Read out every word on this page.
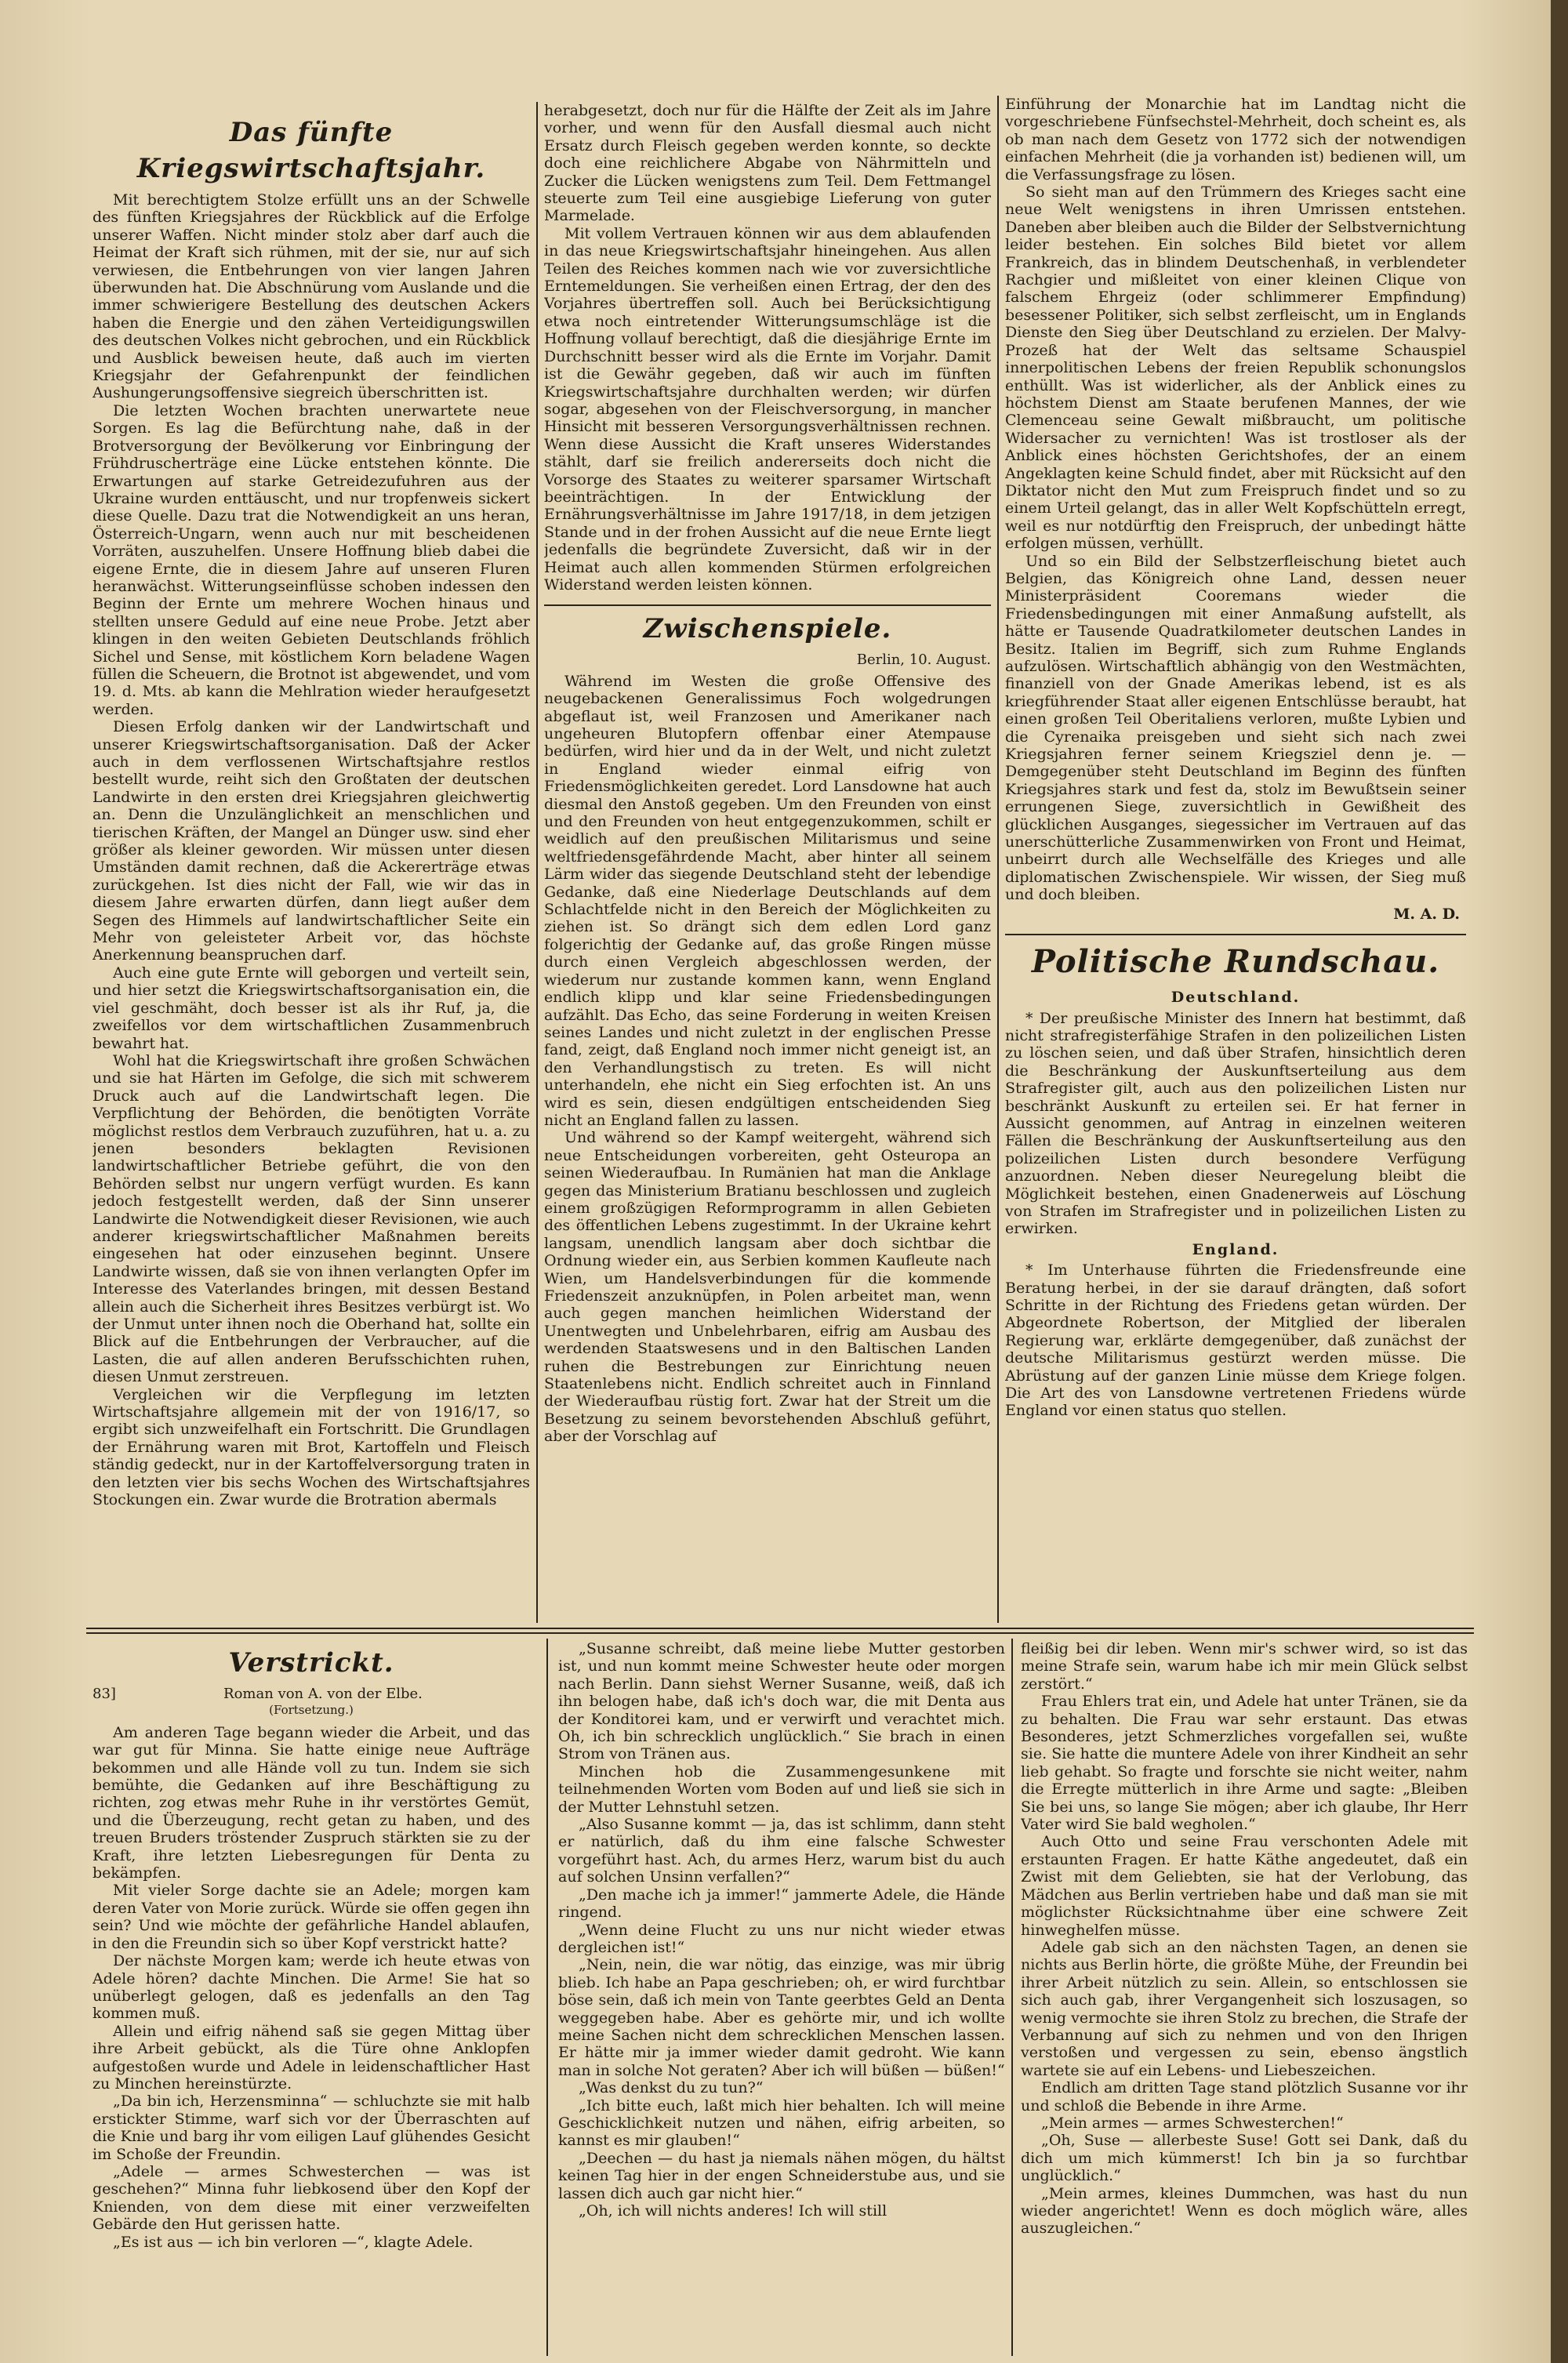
Das fünfte Kriegswirtschaftsjahr.

Mit berechtigtem Stolze erfüllt uns an der Schwelle des fünften Kriegsjahres der Rückblick auf die Erfolge unserer Waffen. Nicht minder stolz aber darf auch die Heimat der Kraft sich rühmen, mit der sie, nur auf sich verwiesen, die Entbehrungen von vier langen Jahren überwunden hat. Die Abschnürung vom Auslande und die immer schwierigere Bestellung des deutschen Ackers haben die Energie und den zähen Verteidigungswillen des deutschen Volkes nicht gebrochen, und ein Rückblick und Ausblick beweisen heute, daß auch im vierten Kriegsjahr der Gefahrenpunkt der feindlichen Aushungerungsoffensive siegreich überschritten ist.

Die letzten Wochen brachten unerwartete neue Sorgen. Es lag die Befürchtung nahe, daß in der Brotversorgung der Bevölkerung vor Einbringung der Frühdruscherträge eine Lücke entstehen könnte. Die Erwartungen auf starke Getreidezufuhren aus der Ukraine wurden enttäuscht, und nur tropfenweis sickert diese Quelle. Dazu trat die Notwendigkeit an uns heran, Österreich-Ungarn, wenn auch nur mit bescheidenen Vorräten, auszuhelfen. Unsere Hoffnung blieb dabei die eigene Ernte, die in diesem Jahre auf unseren Fluren heranwächst. Witterungseinflüsse schoben indessen den Beginn der Ernte um mehrere Wochen hinaus und stellten unsere Geduld auf eine neue Probe. Jetzt aber klingen in den weiten Gebieten Deutschlands fröhlich Sichel und Sense, mit köstlichem Korn beladene Wagen füllen die Scheuern, die Brotnot ist abgewendet, und vom 19. d. Mts. ab kann die Mehlration wieder heraufgesetzt werden.

Diesen Erfolg danken wir der Landwirtschaft und unserer Kriegswirtschaftsorganisation. Daß der Acker auch in dem verflossenen Wirtschaftsjahre restlos bestellt wurde, reiht sich den Großtaten der deutschen Landwirte in den ersten drei Kriegsjahren gleichwertig an. Denn die Unzulänglichkeit an menschlichen und tierischen Kräften, der Mangel an Dünger usw. sind eher größer als kleiner geworden. Wir müssen unter diesen Umständen damit rechnen, daß die Ackererträge etwas zurückgehen. Ist dies nicht der Fall, wie wir das in diesem Jahre erwarten dürfen, dann liegt außer dem Segen des Himmels auf landwirtschaftlicher Seite ein Mehr von geleisteter Arbeit vor, das höchste Anerkennung beanspruchen darf.

Auch eine gute Ernte will geborgen und verteilt sein, und hier setzt die Kriegswirtschaftsorganisation ein, die viel geschmäht, doch besser ist als ihr Ruf, ja, die zweifellos vor dem wirtschaftlichen Zusammenbruch bewahrt hat.

Wohl hat die Kriegswirtschaft ihre großen Schwächen und sie hat Härten im Gefolge, die sich mit schwerem Druck auch auf die Landwirtschaft legen. Die Verpflichtung der Behörden, die benötigten Vorräte möglichst restlos dem Verbrauch zuzuführen, hat u. a. zu jenen besonders beklagten Revisionen landwirtschaftlicher Betriebe geführt, die von den Behörden selbst nur ungern verfügt wurden. Es kann jedoch festgestellt werden, daß der Sinn unserer Landwirte die Notwendigkeit dieser Revisionen, wie auch anderer kriegswirtschaftlicher Maßnahmen bereits eingesehen hat oder einzusehen beginnt. Unsere Landwirte wissen, daß sie von ihnen verlangten Opfer im Interesse des Vaterlandes bringen, mit dessen Bestand allein auch die Sicherheit ihres Besitzes verbürgt ist. Wo der Unmut unter ihnen noch die Oberhand hat, sollte ein Blick auf die Entbehrungen der Verbraucher, auf die Lasten, die auf allen anderen Berufsschichten ruhen, diesen Unmut zerstreuen.

Vergleichen wir die Verpflegung im letzten Wirtschaftsjahre allgemein mit der von 1916/17, so ergibt sich unzweifelhaft ein Fortschritt. Die Grundlagen der Ernährung waren mit Brot, Kartoffeln und Fleisch ständig gedeckt, nur in der Kartoffelversorgung traten in den letzten vier bis sechs Wochen des Wirtschaftsjahres Stockungen ein. Zwar wurde die Brotration abermals

herabgesetzt, doch nur für die Hälfte der Zeit als im Jahre vorher, und wenn für den Ausfall diesmal auch nicht Ersatz durch Fleisch gegeben werden konnte, so deckte doch eine reichlichere Abgabe von Nährmitteln und Zucker die Lücken wenigstens zum Teil. Dem Fettmangel steuerte zum Teil eine ausgiebige Lieferung von guter Marmelade.

Mit vollem Vertrauen können wir aus dem ablaufenden in das neue Kriegswirtschaftsjahr hineingehen. Aus allen Teilen des Reiches kommen nach wie vor zuversichtliche Erntemeldungen. Sie verheißen einen Ertrag, der den des Vorjahres übertreffen soll. Auch bei Berücksichtigung etwa noch eintretender Witterungsumschläge ist die Hoffnung vollauf berechtigt, daß die diesjährige Ernte im Durchschnitt besser wird als die Ernte im Vorjahr. Damit ist die Gewähr gegeben, daß wir auch im fünften Kriegswirtschaftsjahre durchhalten werden; wir dürfen sogar, abgesehen von der Fleischversorgung, in mancher Hinsicht mit besseren Versorgungsverhältnissen rechnen. Wenn diese Aussicht die Kraft unseres Widerstandes stählt, darf sie freilich andererseits doch nicht die Vorsorge des Staates zu weiterer sparsamer Wirtschaft beeinträchtigen. In der Entwicklung der Ernährungsverhältnisse im Jahre 1917/18, in dem jetzigen Stande und in der frohen Aussicht auf die neue Ernte liegt jedenfalls die begründete Zuversicht, daß wir in der Heimat auch allen kommenden Stürmen erfolgreichen Widerstand werden leisten können.

Zwischenspiele.
Berlin, 10. August.

Während im Westen die große Offensive des neugebackenen Generalissimus Foch wolgedrungen abgeflaut ist, weil Franzosen und Amerikaner nach ungeheuren Blutopfern offenbar einer Atempause bedürfen, wird hier und da in der Welt, und nicht zuletzt in England wieder einmal eifrig von Friedensmöglichkeiten geredet. Lord Lansdowne hat auch diesmal den Anstoß gegeben. Um den Freunden von einst und den Freunden von heut entgegenzukommen, schilt er weidlich auf den preußischen Militarismus und seine weltfriedensgefährdende Macht, aber hinter all seinem Lärm wider das siegende Deutschland steht der lebendige Gedanke, daß eine Niederlage Deutschlands auf dem Schlachtfelde nicht in den Bereich der Möglichkeiten zu ziehen ist. So drängt sich dem edlen Lord ganz folgerichtig der Gedanke auf, das große Ringen müsse durch einen Vergleich abgeschlossen werden, der wiederum nur zustande kommen kann, wenn England endlich klipp und klar seine Friedensbedingungen aufzählt. Das Echo, das seine Forderung in weiten Kreisen seines Landes und nicht zuletzt in der englischen Presse fand, zeigt, daß England noch immer nicht geneigt ist, an den Verhandlungstisch zu treten. Es will nicht unterhandeln, ehe nicht ein Sieg erfochten ist. An uns wird es sein, diesen endgültigen entscheidenden Sieg nicht an England fallen zu lassen.

Und während so der Kampf weitergeht, während sich neue Entscheidungen vorbereiten, geht Osteuropa an seinen Wiederaufbau. In Rumänien hat man die Anklage gegen das Ministerium Bratianu beschlossen und zugleich einem großzügigen Reformprogramm in allen Gebieten des öffentlichen Lebens zugestimmt. In der Ukraine kehrt langsam, unendlich langsam aber doch sichtbar die Ordnung wieder ein, aus Serbien kommen Kaufleute nach Wien, um Handelsverbindungen für die kommende Friedenszeit anzuknüpfen, in Polen arbeitet man, wenn auch gegen manchen heimlichen Widerstand der Unentwegten und Unbelehrbaren, eifrig am Ausbau des werdenden Staatswesens und in den Baltischen Landen ruhen die Bestrebungen zur Einrichtung neuen Staatenlebens nicht. Endlich schreitet auch in Finnland der Wiederaufbau rüstig fort. Zwar hat der Streit um die Besetzung zu seinem bevorstehenden Abschluß geführt, aber der Vorschlag auf

Einführung der Monarchie hat im Landtag nicht die vorgeschriebene Fünfsechstel-Mehrheit, doch scheint es, als ob man nach dem Gesetz von 1772 sich der notwendigen einfachen Mehrheit (die ja vorhanden ist) bedienen will, um die Verfassungsfrage zu lösen.

So sieht man auf den Trümmern des Krieges sacht eine neue Welt wenigstens in ihren Umrissen entstehen. Daneben aber bleiben auch die Bilder der Selbstvernichtung leider bestehen. Ein solches Bild bietet vor allem Frankreich, das in blindem Deutschenhaß, in verblendeter Rachgier und mißleitet von einer kleinen Clique von falschem Ehrgeiz (oder schlimmerer Empfindung) besessener Politiker, sich selbst zerfleischt, um in Englands Dienste den Sieg über Deutschland zu erzielen. Der Malvy-Prozeß hat der Welt das seltsame Schauspiel innerpolitischen Lebens der freien Republik schonungslos enthüllt. Was ist widerlicher, als der Anblick eines zu höchstem Dienst am Staate berufenen Mannes, der wie Clemenceau seine Gewalt mißbraucht, um politische Widersacher zu vernichten! Was ist trostloser als der Anblick eines höchsten Gerichtshofes, der an einem Angeklagten keine Schuld findet, aber mit Rücksicht auf den Diktator nicht den Mut zum Freispruch findet und so zu einem Urteil gelangt, das in aller Welt Kopfschütteln erregt, weil es nur notdürftig den Freispruch, der unbedingt hätte erfolgen müssen, verhüllt.

Und so ein Bild der Selbstzerfleischung bietet auch Belgien, das Königreich ohne Land, dessen neuer Ministerpräsident Cooremans wieder die Friedensbedingungen mit einer Anmaßung aufstellt, als hätte er Tausende Quadratkilometer deutschen Landes in Besitz. Italien im Begriff, sich zum Ruhme Englands aufzulösen. Wirtschaftlich abhängig von den Westmächten, finanziell von der Gnade Amerikas lebend, ist es als kriegführender Staat aller eigenen Entschlüsse beraubt, hat einen großen Teil Oberitaliens verloren, mußte Lybien und die Cyrenaika preisgeben und sieht sich nach zwei Kriegsjahren ferner seinem Kriegsziel denn je. — Demgegenüber steht Deutschland im Beginn des fünften Kriegsjahres stark und fest da, stolz im Bewußtsein seiner errungenen Siege, zuversichtlich in Gewißheit des glücklichen Ausganges, siegessicher im Vertrauen auf das unerschütterliche Zusammenwirken von Front und Heimat, unbeirrt durch alle Wechselfälle des Krieges und alle diplomatischen Zwischenspiele. Wir wissen, der Sieg muß und doch bleiben.

M. A. D.
Politische Rundschau.
Deutschland.

* Der preußische Minister des Innern hat bestimmt, daß nicht strafregisterfähige Strafen in den polizeilichen Listen zu löschen seien, und daß über Strafen, hinsichtlich deren die Beschränkung der Auskunftserteilung aus dem Strafregister gilt, auch aus den polizeilichen Listen nur beschränkt Auskunft zu erteilen sei. Er hat ferner in Aussicht genommen, auf Antrag in einzelnen weiteren Fällen die Beschränkung der Auskunftserteilung aus den polizeilichen Listen durch besondere Verfügung anzuordnen. Neben dieser Neuregelung bleibt die Möglichkeit bestehen, einen Gnadenerweis auf Löschung von Strafen im Strafregister und in polizeilichen Listen zu erwirken.

England.

* Im Unterhause führten die Friedensfreunde eine Beratung herbei, in der sie darauf drängten, daß sofort Schritte in der Richtung des Friedens getan würden. Der Abgeordnete Robertson, der Mitglied der liberalen Regierung war, erklärte demgegenüber, daß zunächst der deutsche Militarismus gestürzt werden müsse. Die Abrüstung auf der ganzen Linie müsse dem Kriege folgen. Die Art des von Lansdowne vertretenen Friedens würde England vor einen status quo stellen.

Verstrickt.
83]	Roman von A. von der Elbe.
(Fortsetzung.)

Am anderen Tage begann wieder die Arbeit, und das war gut für Minna. Sie hatte einige neue Aufträge bekommen und alle Hände voll zu tun. Indem sie sich bemühte, die Gedanken auf ihre Beschäftigung zu richten, zog etwas mehr Ruhe in ihr verstörtes Gemüt, und die Überzeugung, recht getan zu haben, und des treuen Bruders tröstender Zuspruch stärkten sie zu der Kraft, ihre letzten Liebesregungen für Denta zu bekämpfen.

Mit vieler Sorge dachte sie an Adele; morgen kam deren Vater von Morie zurück. Würde sie offen gegen ihn sein? Und wie möchte der gefährliche Handel ablaufen, in den die Freundin sich so über Kopf verstrickt hatte?

Der nächste Morgen kam; werde ich heute etwas von Adele hören? dachte Minchen. Die Arme! Sie hat so unüberlegt gelogen, daß es jedenfalls an den Tag kommen muß.

Allein und eifrig nähend saß sie gegen Mittag über ihre Arbeit gebückt, als die Türe ohne Anklopfen aufgestoßen wurde und Adele in leidenschaftlicher Hast zu Minchen hereinstürzte.

„Da bin ich, Herzensminna“ — schluchzte sie mit halb erstickter Stimme, warf sich vor der Überraschten auf die Knie und barg ihr vom eiligen Lauf glühendes Gesicht im Schoße der Freundin.

„Adele — armes Schwesterchen — was ist geschehen?“ Minna fuhr liebkosend über den Kopf der Knienden, von dem diese mit einer verzweifelten Gebärde den Hut gerissen hatte.

„Es ist aus — ich bin verloren —“, klagte Adele.

„Susanne schreibt, daß meine liebe Mutter gestorben ist, und nun kommt meine Schwester heute oder morgen nach Berlin. Dann siehst Werner Susanne, weiß, daß ich ihn belogen habe, daß ich's doch war, die mit Denta aus der Konditorei kam, und er verwirft und verachtet mich. Oh, ich bin schrecklich unglücklich.“ Sie brach in einen Strom von Tränen aus.

Minchen hob die Zusammengesunkene mit teilnehmenden Worten vom Boden auf und ließ sie sich in der Mutter Lehnstuhl setzen.

„Also Susanne kommt — ja, das ist schlimm, dann steht er natürlich, daß du ihm eine falsche Schwester vorgeführt hast. Ach, du armes Herz, warum bist du auch auf solchen Unsinn verfallen?“

„Den mache ich ja immer!“ jammerte Adele, die Hände ringend.

„Wenn deine Flucht zu uns nur nicht wieder etwas dergleichen ist!“

„Nein, nein, die war nötig, das einzige, was mir übrig blieb. Ich habe an Papa geschrieben; oh, er wird furchtbar böse sein, daß ich mein von Tante geerbtes Geld an Denta weggegeben habe. Aber es gehörte mir, und ich wollte meine Sachen nicht dem schrecklichen Menschen lassen. Er hätte mir ja immer wieder damit gedroht. Wie kann man in solche Not geraten? Aber ich will büßen — büßen!“

„Was denkst du zu tun?“

„Ich bitte euch, laßt mich hier behalten. Ich will meine Geschicklichkeit nutzen und nähen, eifrig arbeiten, so kannst es mir glauben!“

„Deechen — du hast ja niemals nähen mögen, du hältst keinen Tag hier in der engen Schneiderstube aus, und sie lassen dich auch gar nicht hier.“

„Oh, ich will nichts anderes! Ich will still

fleißig bei dir leben. Wenn mir's schwer wird, so ist das meine Strafe sein, warum habe ich mir mein Glück selbst zerstört.“

Frau Ehlers trat ein, und Adele hat unter Tränen, sie da zu behalten. Die Frau war sehr erstaunt. Das etwas Besonderes, jetzt Schmerzliches vorgefallen sei, wußte sie. Sie hatte die muntere Adele von ihrer Kindheit an sehr lieb gehabt. So fragte und forschte sie nicht weiter, nahm die Erregte mütterlich in ihre Arme und sagte: „Bleiben Sie bei uns, so lange Sie mögen; aber ich glaube, Ihr Herr Vater wird Sie bald wegholen.“

Auch Otto und seine Frau verschonten Adele mit erstaunten Fragen. Er hatte Käthe angedeutet, daß ein Zwist mit dem Geliebten, sie hat der Verlobung, das Mädchen aus Berlin vertrieben habe und daß man sie mit möglichster Rücksichtnahme über eine schwere Zeit hinweghelfen müsse.

Adele gab sich an den nächsten Tagen, an denen sie nichts aus Berlin hörte, die größte Mühe, der Freundin bei ihrer Arbeit nützlich zu sein. Allein, so entschlossen sie sich auch gab, ihrer Vergangenheit sich loszusagen, so wenig vermochte sie ihren Stolz zu brechen, die Strafe der Verbannung auf sich zu nehmen und von den Ihrigen verstoßen und vergessen zu sein, ebenso ängstlich wartete sie auf ein Lebens- und Liebeszeichen.

Endlich am dritten Tage stand plötzlich Susanne vor ihr und schloß die Bebende in ihre Arme.

„Mein armes — armes Schwesterchen!“

„Oh, Suse — allerbeste Suse! Gott sei Dank, daß du dich um mich kümmerst! Ich bin ja so furchtbar unglücklich.“

„Mein armes, kleines Dummchen, was hast du nun wieder angerichtet! Wenn es doch möglich wäre, alles auszugleichen.“
